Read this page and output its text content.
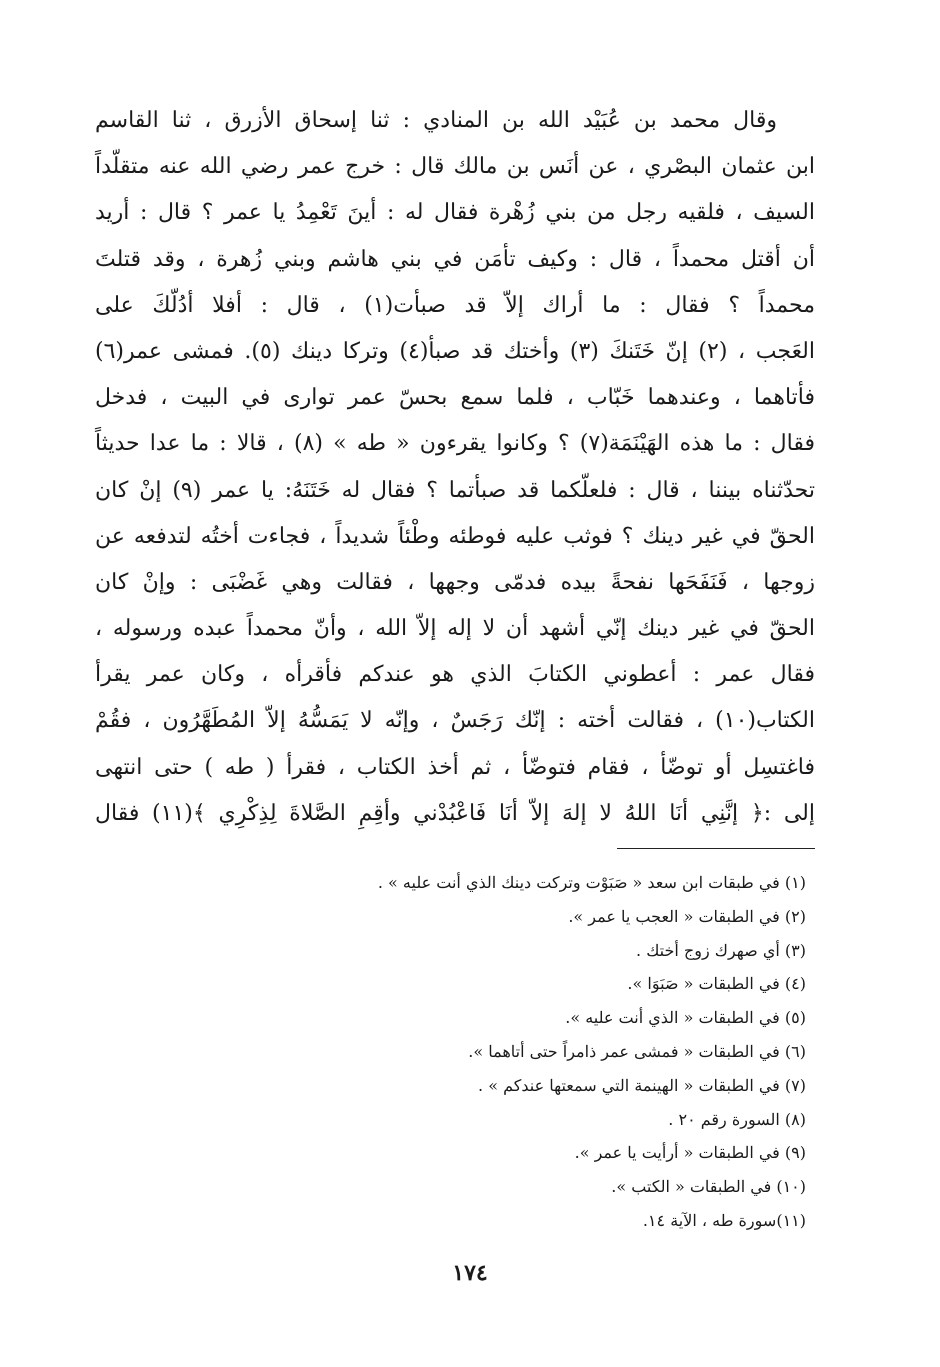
وقال محمد بن عُبَيْد الله بن المنادي : ثنا إسحاق الأزرق ، ثنا القاسم
ابن عثمان البصْري ، عن أنَس بن مالك قال : خرج عمر رضي الله عنه متقلّداً
السيف ، فلقيه رجل من بني زُهْرة فقال له : أينَ تَعْمِدُ يا عمر ؟ قال : أريد
أن أقتل محمداً ، قال : وكيف تأمَن في بني هاشم وبني زُهرة ، وقد قتلتَ
محمداً ؟ فقال : ما أراك إلاّ قد صبأت(١) ، قال : أفلا أدُلّكَ على
العَجب ، (٢) إنّ خَتَنكَ (٣) وأختك قد صبأ(٤) وتركا دينك (٥). فمشى عمر(٦)
فأتاهما ، وعندهما خَبّاب ، فلما سمع بحسّ عمر توارى في البيت ، فدخل
فقال : ما هذه الهَيْنَمَة(٧) ؟ وكانوا يقرءون « طه » (٨) ، قالا : ما عدا حديثاً
تحدّثناه بيننا ، قال : فلعلّكما قد صبأتما ؟ فقال له خَتَنَهُ: يا عمر (٩) إنْ كان
الحقّ في غير دينك ؟ فوثب عليه فوطئه وطْئاً شديداً ، فجاءت أختُه لتدفعه عن
زوجها ، فَنَفَحَها نفحةً بيده فدمّى وجهها ، فقالت وهي غَضْبَى : وإنْ كان
الحقّ في غير دينك إنّي أشهد أن لا إله إلاّ الله ، وأنّ محمداً عبده ورسوله ،
فقال عمر : أعطوني الكتابَ الذي هو عندكم فأقرأه ، وكان عمر يقرأ
الكتاب(١٠) ، فقالت أخته : إنّك رَجَسٌ ، وإنّه لا يَمَسُّهُ إلاّ المُطَهَّرُون ، فقُمْ
فاغتسِل أو توضّأ ، فقام فتوضّأ ، ثم أخذ الكتاب ، فقرأ ( طه ) حتى انتهى
إلى :﴿ إنَّنِي أنَا اللهُ لا إلهَ إلاّ أنَا فَاعْبُدْني وأقِمِ الصَّلاةَ لِذِكْرِي ﴾(١١) فقال
(١) في طبقات ابن سعد « صَبَوْت وتركت دينك الذي أنت عليه » .
(٢) في الطبقات « العجب يا عمر ».
(٣) أي صهرك زوج أختك .
(٤) في الطبقات « صَبَوَا ».
(٥) في الطبقات « الذي أنت عليه ».
(٦) في الطبقات « فمشى عمر ذامراً حتى أتاهما ».
(٧) في الطبقات « الهينمة التي سمعتها عندكم » .
(٨) السورة رقم ٢٠ .
(٩) في الطبقات « أرأيت يا عمر ».
(١٠) في الطبقات « الكتب ».
(١١)سورة طه ، الآية ١٤.
١٧٤
